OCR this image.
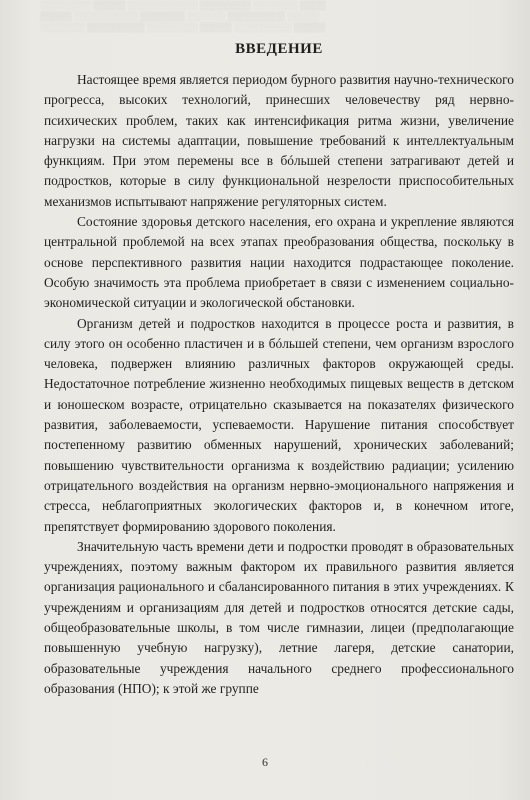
░░░░░░░░ ▒▒▒▒▒ ░░░░░░░░░░░ ▒▒▒▒▒▒▒▒ ░░░░░░░ ▒▒▒▒
▒▒▒▒▒ ░░░░░░░░░░ ▒▒▒▒▒▒▒ ░░░░░░ ▒▒▒▒▒▒▒▒▒ ░░░░░
░░░░░░░ ▒▒▒▒▒▒▒▒▒ ░░░░░░░░ ▒▒▒▒▒ ░░░░░░░░░ ▒▒▒▒▒
ВВЕДЕНИЕ

Настоящее время является периодом бурного развития научно-технического прогресса, высоких технологий, принесших человечеству ряд нервно-психических проблем, таких как интенсификация ритма жизни, увеличение нагрузки на системы адаптации, повышение требований к интеллектуальным функциям. При этом перемены все в бóльшей степени затрагивают детей и подростков, которые в силу функциональной незрелости приспособительных механизмов испытывают напряжение регуляторных систем.

Состояние здоровья детского населения, его охрана и укрепление являются центральной проблемой на всех этапах преобразования общества, поскольку в основе перспективного развития нации находится подрастающее поколение. Особую значимость эта проблема приобретает в связи с изменением социально-экономической ситуации и экологической обстановки.

Организм детей и подростков находится в процессе роста и развития, в силу этого он особенно пластичен и в бóльшей степени, чем организм взрослого человека, подвержен влиянию различных факторов окружающей среды. Недостаточное потребление жизненно необходимых пищевых веществ в детском и юношеском возрасте, отрицательно сказывается на показателях физического развития, заболеваемости, успеваемости. Нарушение питания способствует постепенному развитию обменных нарушений, хронических заболеваний; повышению чувствительности организма к воздействию радиации; усилению отрицательного воздействия на организм нервно-эмоционального напряжения и стресса, неблагоприятных экологических факторов и, в конечном итоге, препятствует формированию здорового поколения.

Значительную часть времени дети и подростки проводят в образовательных учреждениях, поэтому важным фактором их правильного развития является организация рационального и сбалансированного питания в этих учреждениях. К учреждениям и организациям для детей и подростков относятся детские сады, общеобразовательные школы, в том числе гимназии, лицеи (предполагающие повышенную учебную нагрузку), летние лагеря, детские санатории, образовательные учреждения начального среднего профессионального образования (НПО); к этой же группе

6
